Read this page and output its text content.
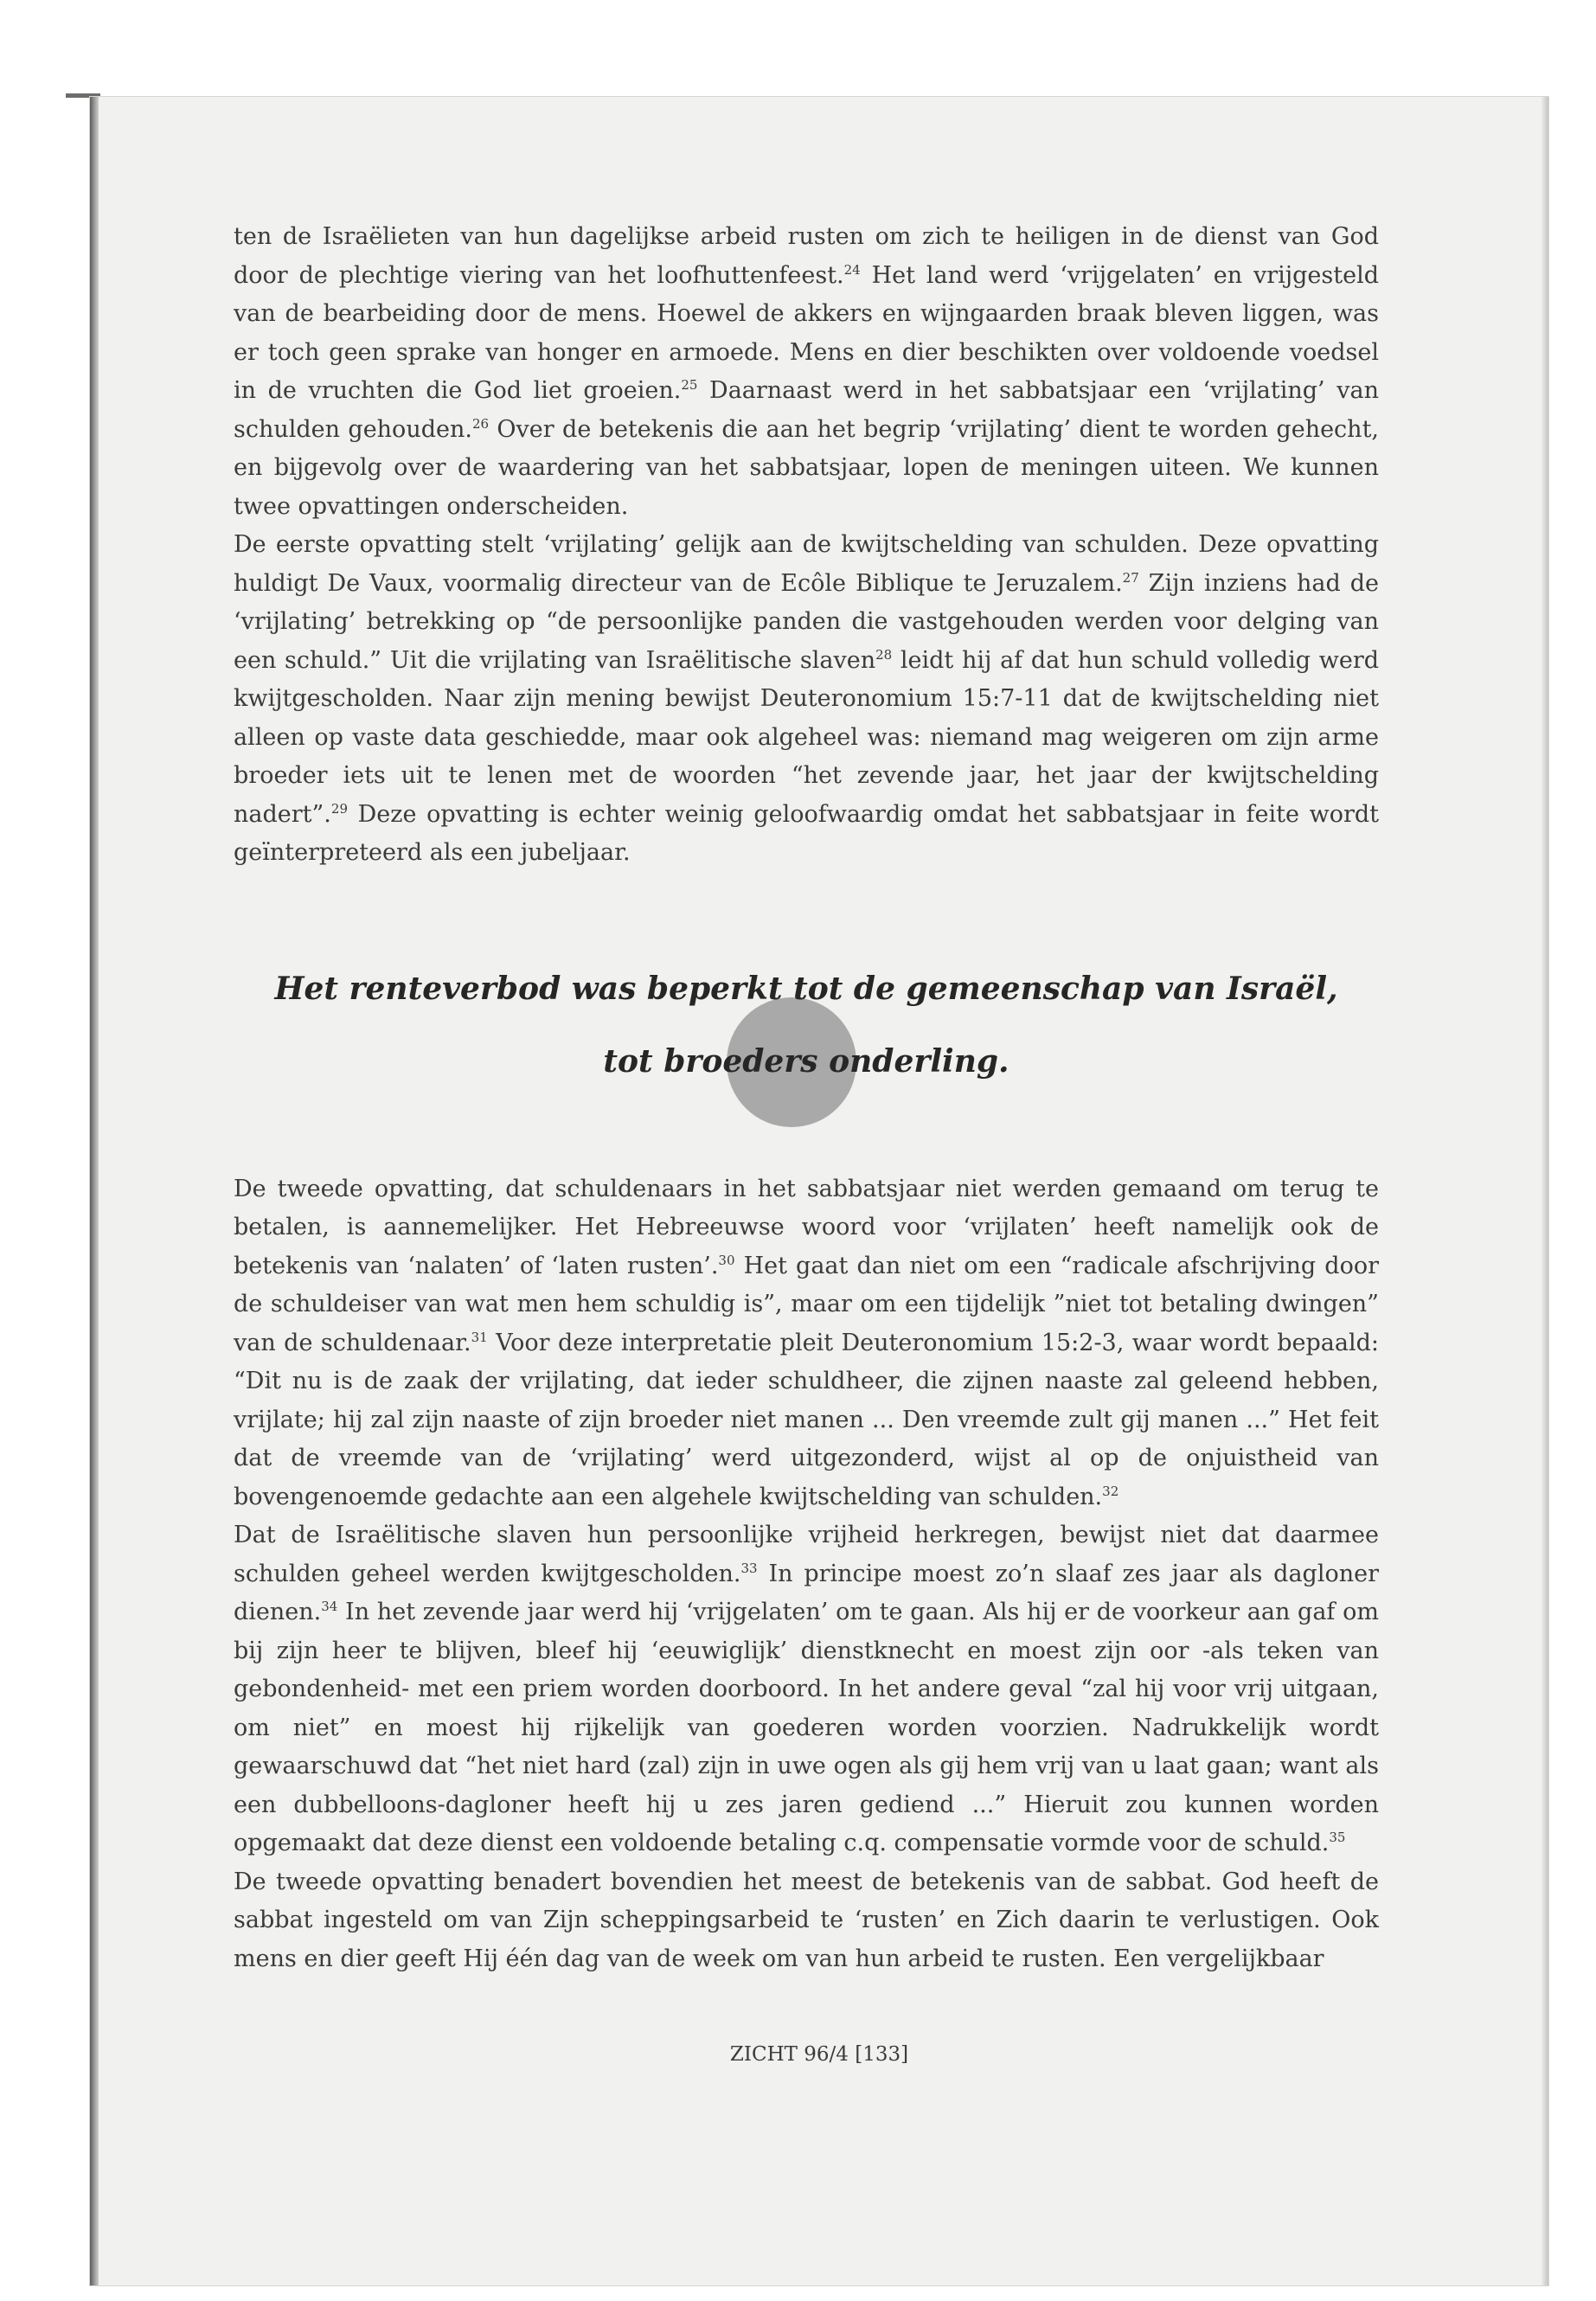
ten de Israëlieten van hun dagelijkse arbeid rusten om zich te heiligen in de dienst van God door de plechtige viering van het loofhuttenfeest.$^{24}$ Het land werd ‘vrijgelaten’ en vrijgesteld van de bearbeiding door de mens. Hoewel de akkers en wijngaarden braak bleven liggen, was er toch geen sprake van honger en armoede. Mens en dier beschikten over voldoende voedsel in de vruchten die God liet groeien.$^{25}$ Daarnaast werd in het sabbatsjaar een ‘vrijlating’ van schulden gehouden.$^{26}$ Over de betekenis die aan het begrip ‘vrijlating’ dient te worden gehecht, en bijgevolg over de waardering van het sabbatsjaar, lopen de meningen uiteen. We kunnen twee opvattingen onderscheiden.

De eerste opvatting stelt ‘vrijlating’ gelijk aan de kwijtschelding van schulden. Deze opvatting huldigt De Vaux, voormalig directeur van de Ecôle Biblique te Jeruzalem.$^{27}$ Zijn inziens had de ‘vrijlating’ betrekking op “de persoonlijke panden die vastgehouden werden voor delging van een schuld.” Uit die vrijlating van Israëlitische slaven$^{28}$ leidt hij af dat hun schuld volledig werd kwijtgescholden. Naar zijn mening bewijst Deuteronomium 15:7-11 dat de kwijtschelding niet alleen op vaste data geschiedde, maar ook algeheel was: niemand mag weigeren om zijn arme broeder iets uit te lenen met de woorden “het zevende jaar, het jaar der kwijtschelding nadert”.$^{29}$ Deze opvatting is echter weinig geloofwaardig omdat het sabbatsjaar in feite wordt geïnterpreteerd als een jubeljaar.

Het renteverbod was beperkt tot de gemeenschap van Israël,
tot broeders onderling.

De tweede opvatting, dat schuldenaars in het sabbatsjaar niet werden gemaand om terug te betalen, is aannemelijker. Het Hebreeuwse woord voor ‘vrijlaten’ heeft namelijk ook de betekenis van ‘nalaten’ of ‘laten rusten’.$^{30}$ Het gaat dan niet om een “radicale afschrijving door de schuldeiser van wat men hem schuldig is”, maar om een tijdelijk ”niet tot betaling dwingen” van de schuldenaar.$^{31}$ Voor deze interpretatie pleit Deuteronomium 15:2-3, waar wordt bepaald: “Dit nu is de zaak der vrijlating, dat ieder schuldheer, die zijnen naaste zal geleend hebben, vrijlate; hij zal zijn naaste of zijn broeder niet manen ... Den vreemde zult gij manen ...” Het feit dat de vreemde van de ‘vrijlating’ werd uitgezonderd, wijst al op de onjuistheid van bovengenoemde gedachte aan een algehele kwijtschelding van schulden.$^{32}$

Dat de Israëlitische slaven hun persoonlijke vrijheid herkregen, bewijst niet dat daarmee schulden geheel werden kwijtgescholden.$^{33}$ In principe moest zo’n slaaf zes jaar als dagloner dienen.$^{34}$ In het zevende jaar werd hij ‘vrijgelaten’ om te gaan. Als hij er de voorkeur aan gaf om bij zijn heer te blijven, bleef hij ‘eeuwiglijk’ dienstknecht en moest zijn oor -als teken van gebondenheid- met een priem worden doorboord. In het andere geval “zal hij voor vrij uitgaan, om niet” en moest hij rijkelijk van goederen worden voorzien. Nadrukkelijk wordt gewaarschuwd dat “het niet hard (zal) zijn in uwe ogen als gij hem vrij van u laat gaan; want als een dubbelloons-dagloner heeft hij u zes jaren gediend ...” Hieruit zou kunnen worden opgemaakt dat deze dienst een voldoende betaling c.q. compensatie vormde voor de schuld.$^{35}$

De tweede opvatting benadert bovendien het meest de betekenis van de sabbat. God heeft de sabbat ingesteld om van Zijn scheppingsarbeid te ‘rusten’ en Zich daarin te verlustigen. Ook mens en dier geeft Hij één dag van de week om van hun arbeid te rusten. Een vergelijkbaar

ZICHT 96/4 [133]
